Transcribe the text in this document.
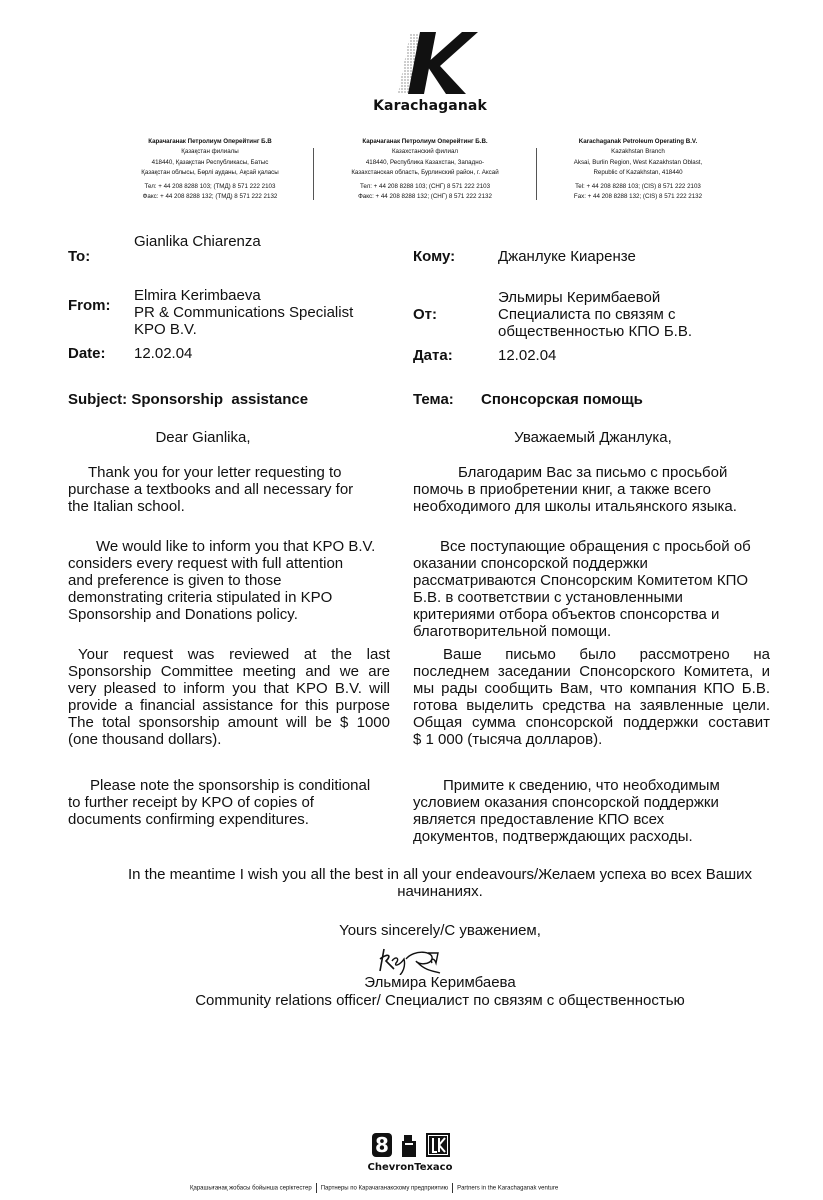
Karachaganak
Карачаганак Петролиум Оперейтинг Б.В
Қазақстан филиалы
418440, Қазақстан Республикасы, Батыс
Қазақстан облысы, Бөрлі ауданы, Ақсай қаласы
Тел: + 44 208 8288 103; (ТМД) 8 571 222 2103
Факс: + 44 208 8288 132; (ТМД) 8 571 222 2132
Карачаганак Петролиум Оперейтинг Б.В.
Казахстанский филиал
418440, Республика Казахстан, Западно-
Казахстанская область, Бурлинский район, г. Аксай
Тел: + 44 208 8288 103; (СНГ) 8 571 222 2103
Факс: + 44 208 8288 132; (СНГ) 8 571 222 2132
Karachaganak Petroleum Operating B.V.
Kazakhstan Branch
Aksai, Burlin Region, West Kazakhstan Oblast,
Republic of Kazakhstan, 418440
Tel: + 44 208 8288 103; (CIS) 8 571 222 2103
Fax: + 44 208 8288 132; (CIS) 8 571 222 2132
To:
Gianlika Chiarenza
From:
Elmira Kerimbaeva
PR & Communications Specialist
KPO B.V.
Date: 12.02.04
Subject: Sponsorship  assistance
Кому:	Джанлуке Киарензе
От:
Эльмиры Керимбаевой
Специалиста по связям с
общественностью КПО Б.В.
Дата:	12.02.04
Тема: Спонсорская помощь
Dear Gianlika,
Thank you for your letter requesting to
purchase a textbooks and all necessary for
the Italian school.
We would like to inform you that KPO B.V.
considers every request with full attention
and preference is given to those
demonstrating criteria stipulated in KPO
Sponsorship and Donations policy.
Your request was reviewed at the last
Sponsorship Committee meeting and we are
very pleased to inform you that KPO B.V. will
provide a financial assistance for this purpose
The total sponsorship amount will be $ 1000
(one thousand dollars).
Please note the sponsorship is conditional
to further receipt by KPO of copies of
documents confirming expenditures.
Уважаемый Джанлука,
Благодарим Вас за письмо с просьбой
помочь в приобретении книг, а также всего
необходимого для школы итальянского языка.
Все поступающие обращения с просьбой об
оказании спонсорской поддержки
рассматриваются Спонсорским Комитетом КПО
Б.В. в соответствии с установленными
критериями отбора объектов спонсорства и
благотворительной помощи.
Ваше письмо было рассмотрено на
последнем заседании Спонсорского Комитета, и
мы рады сообщить Вам, что компания КПО Б.В.
готова выделить средства на заявленные цели.
Общая сумма спонсорской поддержки составит
$ 1 000 (тысяча долларов).
Примите к сведению, что необходимым
условием оказания спонсорской поддержки
является предоставление КПО всех
документов, подтверждающих расходы.
In the meantime I wish you all the best in all your endeavours/Желаем успеха во всех Ваших
начинаниях.
Yours sincerely/С уважением,
Эльмира Керимбаева
Community relations officer/ Специалист по связям с общественностью
8
ChevronTexaco
Қарашығанақ жобасы бойынша серіктестер Партнеры по Карачаганакскому предприятию Partners in the Karachaganak venture
